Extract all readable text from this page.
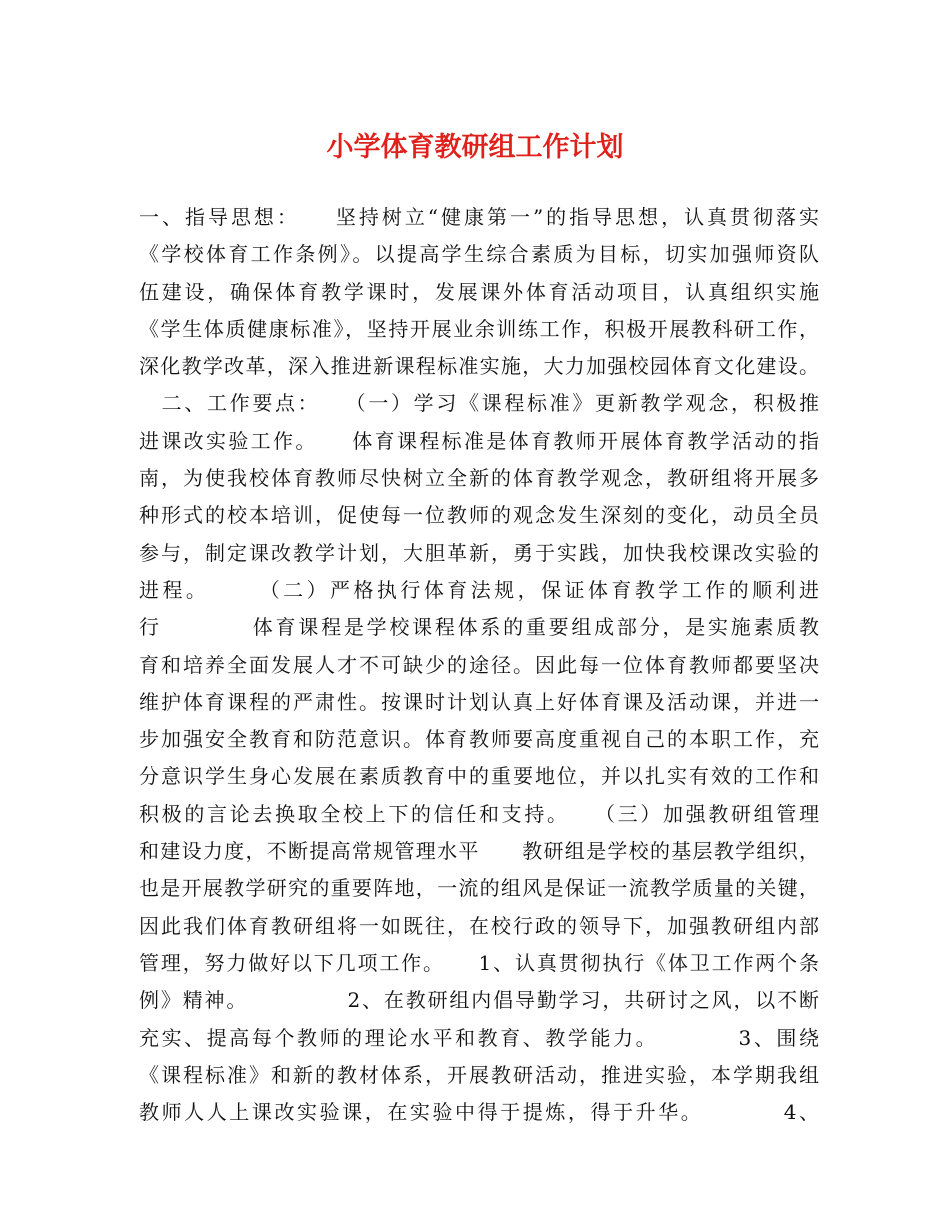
小学体育教研组工作计划
一、指导思想：　　坚持树立“健康第一”的指导思想，认真贯彻落实
《学校体育工作条例》。以提高学生综合素质为目标，切实加强师资队
伍建设，确保体育教学课时，发展课外体育活动项目，认真组织实施
《学生体质健康标准》，坚持开展业余训练工作，积极开展教科研工作，
深化教学改革，深入推进新课程标准实施，大力加强校园体育文化建设。
　二、工作要点：　　（一）学习《课程标准》更新教学观念，积极推
进课改实验工作。　　体育课程标准是体育教师开展体育教学活动的指
南，为使我校体育教师尽快树立全新的体育教学观念，教研组将开展多
种形式的校本培训，促使每一位教师的观念发生深刻的变化，动员全员
参与，制定课改教学计划，大胆革新，勇于实践，加快我校课改实验的
进程。　　　（二）严格执行体育法规，保证体育教学工作的顺利进
行　　　　体育课程是学校课程体系的重要组成部分，是实施素质教
育和培养全面发展人才不可缺少的途径。因此每一位体育教师都要坚决
维护体育课程的严肃性。按课时计划认真上好体育课及活动课，并进一
步加强安全教育和防范意识。体育教师要高度重视自己的本职工作，充
分意识学生身心发展在素质教育中的重要地位，并以扎实有效的工作和
积极的言论去换取全校上下的信任和支持。　　（三）加强教研组管理
和建设力度，不断提高常规管理水平　　教研组是学校的基层教学组织，
也是开展教学研究的重要阵地，一流的组风是保证一流教学质量的关键，
因此我们体育教研组将一如既往，在校行政的领导下，加强教研组内部
管理，努力做好以下几项工作。　　1、认真贯彻执行《体卫工作两个条
例》精神。　　　　　2、在教研组内倡导勤学习，共研讨之风，以不断
充实、提高每个教师的理论水平和教育、教学能力。　　　　3、围绕
《课程标准》和新的教材体系，开展教研活动，推进实验，本学期我组
教师人人上课改实验课，在实验中得于提炼，得于升华。　　　　4、
